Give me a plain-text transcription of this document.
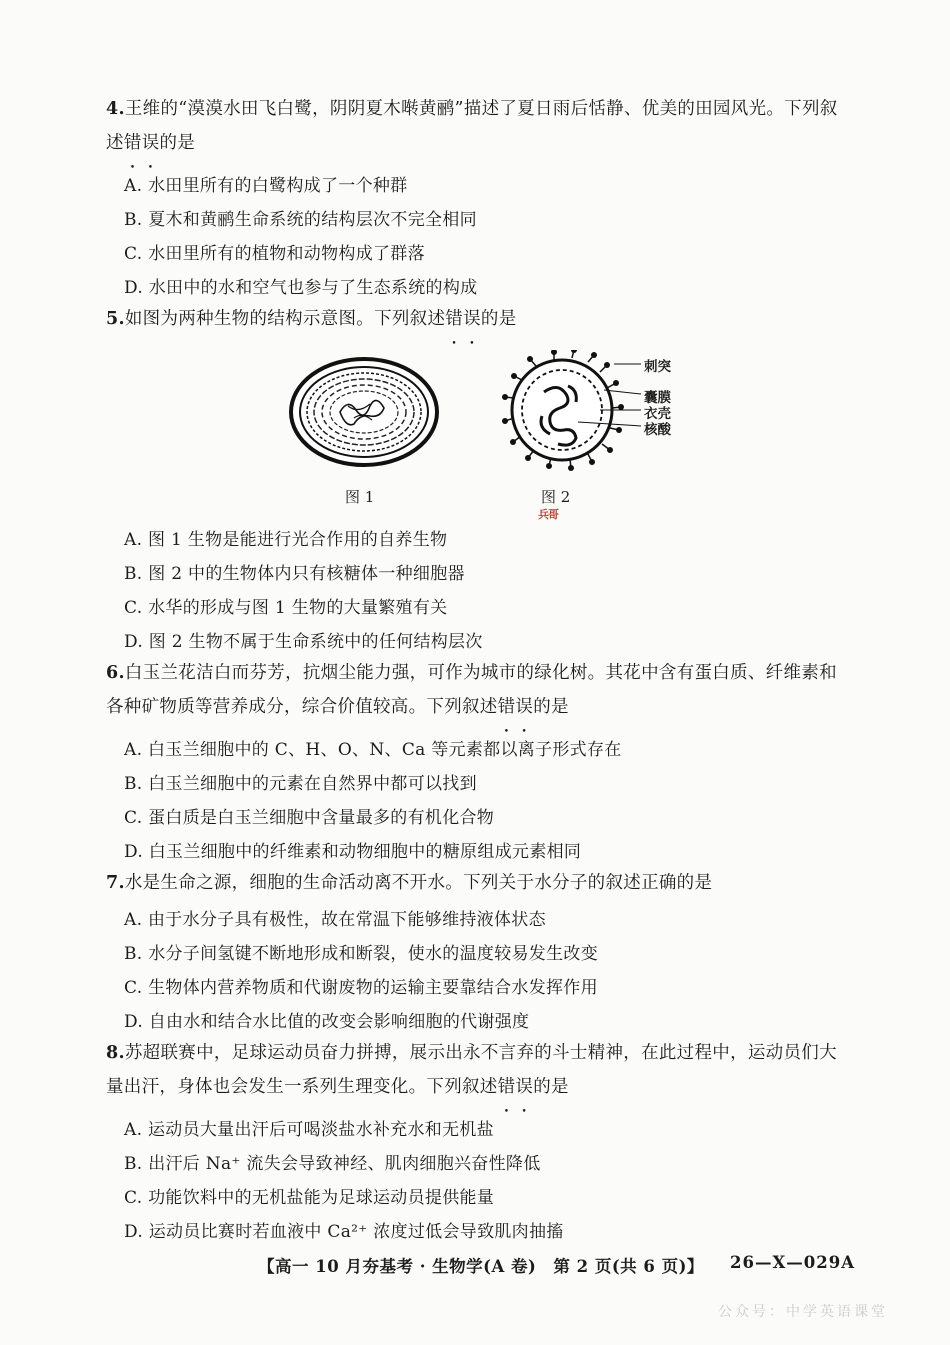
4.王维的“漠漠水田飞白鹭，阴阴夏木啭黄鹂”描述了夏日雨后恬静、优美的田园风光。下列叙述错误的是
A. 水田里所有的白鹭构成了一个种群
B. 夏木和黄鹂生命系统的结构层次不完全相同
C. 水田里所有的植物和动物构成了群落
D. 水田中的水和空气也参与了生态系统的构成
5.如图为两种生物的结构示意图。下列叙述错误的是
刺突
囊膜
衣壳
核酸
图 1	图 2
兵哥
A. 图 1 生物是能进行光合作用的自养生物
B. 图 2 中的生物体内只有核糖体一种细胞器
C. 水华的形成与图 1 生物的大量繁殖有关
D. 图 2 生物不属于生命系统中的任何结构层次
6.白玉兰花洁白而芬芳，抗烟尘能力强，可作为城市的绿化树。其花中含有蛋白质、纤维素和各种矿物质等营养成分，综合价值较高。下列叙述错误的是
A. 白玉兰细胞中的 C、H、O、N、Ca 等元素都以离子形式存在
B. 白玉兰细胞中的元素在自然界中都可以找到
C. 蛋白质是白玉兰细胞中含量最多的有机化合物
D. 白玉兰细胞中的纤维素和动物细胞中的糖原组成元素相同
7.水是生命之源，细胞的生命活动离不开水。下列关于水分子的叙述正确的是
A. 由于水分子具有极性，故在常温下能够维持液体状态
B. 水分子间氢键不断地形成和断裂，使水的温度较易发生改变
C. 生物体内营养物质和代谢废物的运输主要靠结合水发挥作用
D. 自由水和结合水比值的改变会影响细胞的代谢强度
8.苏超联赛中，足球运动员奋力拼搏，展示出永不言弃的斗士精神，在此过程中，运动员们大量出汗，身体也会发生一系列生理变化。下列叙述错误的是
A. 运动员大量出汗后可喝淡盐水补充水和无机盐
B. 出汗后 Na⁺ 流失会导致神经、肌肉细胞兴奋性降低
C. 功能饮料中的无机盐能为足球运动员提供能量
D. 运动员比赛时若血液中 Ca²⁺ 浓度过低会导致肌肉抽搐
【高一 10 月夯基考 · 生物学(A 卷)　第 2 页(共 6 页)】 26—X—029A
公众号：中学英语课堂
